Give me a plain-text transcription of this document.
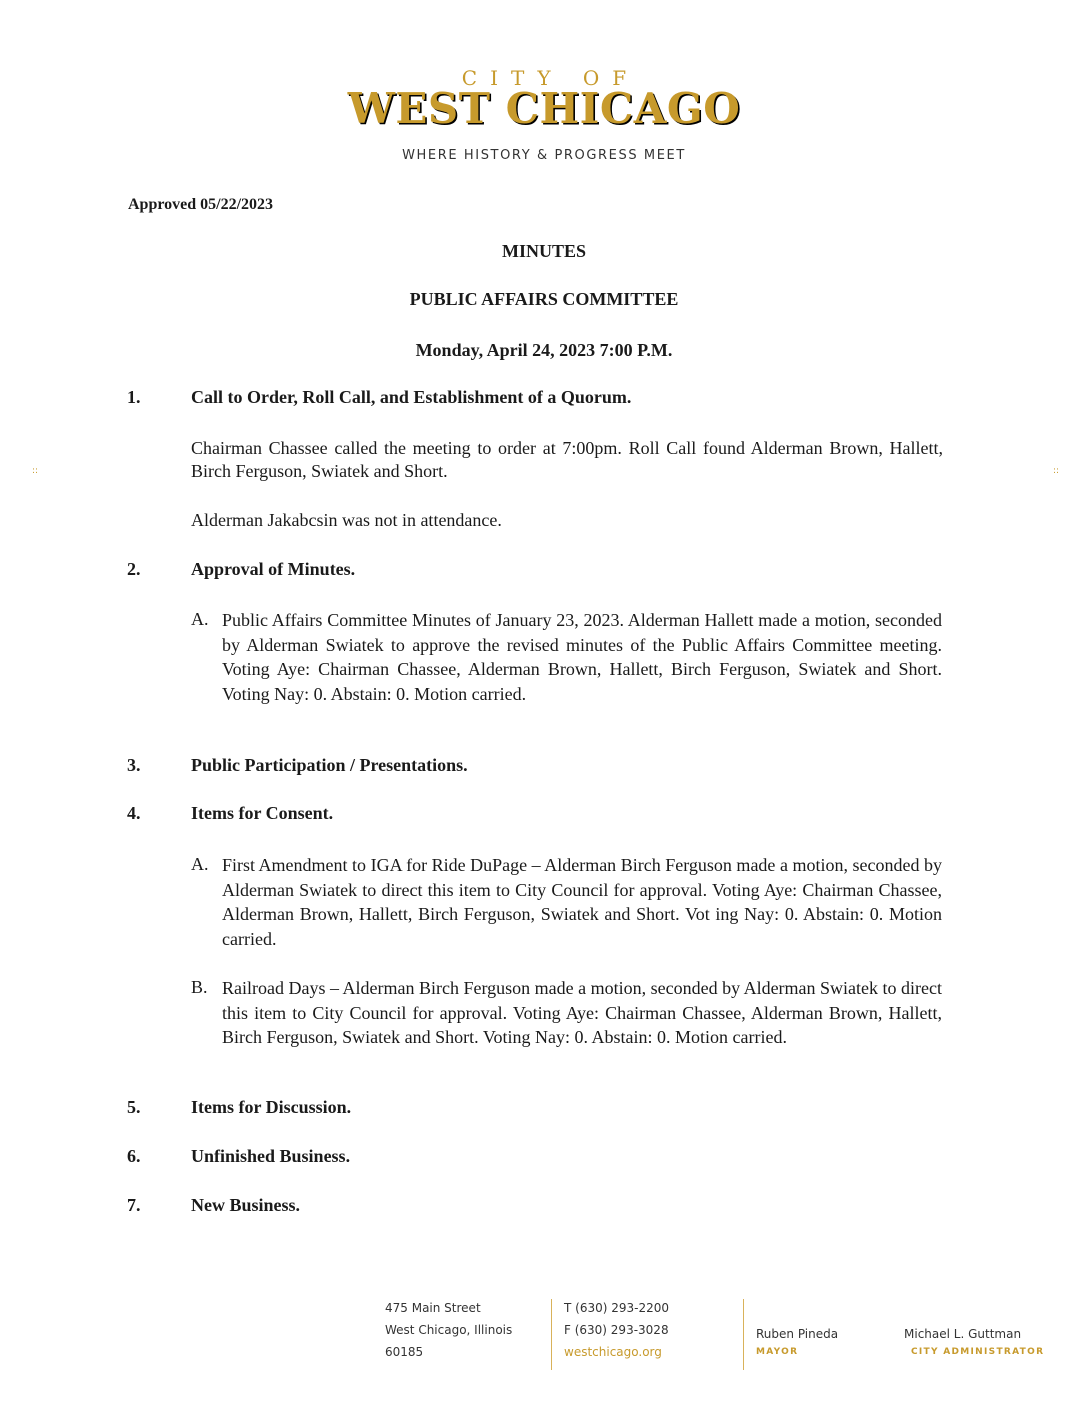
CITY OF
WEST CHICAGO
WHERE HISTORY & PROGRESS MEET
Approved 05/22/2023
MINUTES
PUBLIC AFFAIRS COMMITTEE
Monday, April 24, 2023 7:00 P.M.
1.	Call to Order, Roll Call, and Establishment of a Quorum.
Chairman Chassee called the meeting to order at 7:00pm. Roll Call found Alderman Brown, Hallett, Birch Ferguson, Swiatek and Short.
Alderman Jakabcsin was not in attendance.
2.	Approval of Minutes.
A. Public Affairs Committee Minutes of January 23, 2023. Alderman Hallett made a motion, seconded by Alderman Swiatek to approve the revised minutes of the Public Affairs Committee meeting. Voting Aye: Chairman Chassee, Alderman Brown, Hallett, Birch Ferguson, Swiatek and Short. Voting Nay: 0. Abstain: 0. Motion carried.
3.	Public Participation / Presentations.
4.	Items for Consent.
A. First Amendment to IGA for Ride DuPage – Alderman Birch Ferguson made a motion, seconded by Alderman Swiatek to direct this item to City Council for approval. Voting Aye: Chairman Chassee, Alderman Brown, Hallett, Birch Ferguson, Swiatek and Short. Vot ing Nay: 0. Abstain: 0. Motion carried.
B. Railroad Days – Alderman Birch Ferguson made a motion, seconded by Alderman Swiatek to direct this item to City Council for approval. Voting Aye: Chairman Chassee, Alderman Brown, Hallett, Birch Ferguson, Swiatek and Short. Voting Nay: 0. Abstain: 0. Motion carried.
5.	Items for Discussion.
6.	Unfinished Business.
7.	New Business.
::	::
475 Main Street
West Chicago, Illinois
60185
T (630) 293-2200
F (630) 293-3028
westchicago.org
Ruben Pineda
MAYOR
Michael L. Guttman
CITY ADMINISTRATOR
